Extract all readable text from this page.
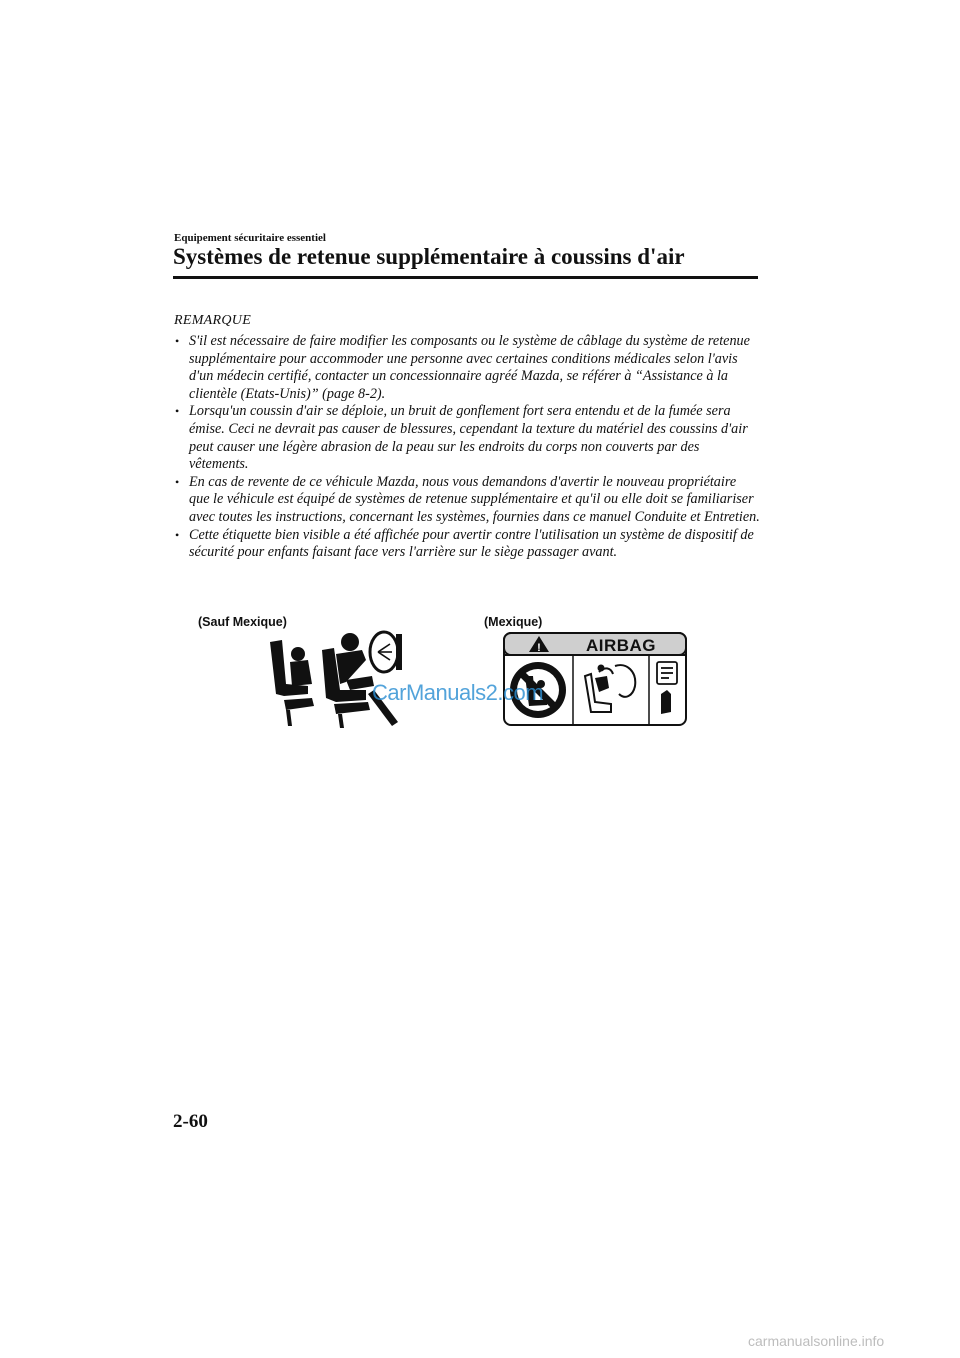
Equipement sécuritaire essentiel
Systèmes de retenue supplémentaire à coussins d'air
REMARQUE
• S'il est nécessaire de faire modifier les composants ou le système de câblage du système de retenue supplémentaire pour accommoder une personne avec certaines conditions médicales selon l'avis d'un médecin certifié, contacter un concessionnaire agréé Mazda, se référer à “Assistance à la clientèle (Etats-Unis)” (page 8-2).
• Lorsqu'un coussin d'air se déploie, un bruit de gonflement fort sera entendu et de la fumée sera émise. Ceci ne devrait pas causer de blessures, cependant la texture du matériel des coussins d'air peut causer une légère abrasion de la peau sur les endroits du corps non couverts par des vêtements.
• En cas de revente de ce véhicule Mazda, nous vous demandons d'avertir le nouveau propriétaire que le véhicule est équipé de systèmes de retenue supplémentaire et qu'il ou elle doit se familiariser avec toutes les instructions, concernant les systèmes, fournies dans ce manuel Conduite et Entretien.
• Cette étiquette bien visible a été affichée pour avertir contre l'utilisation un système de dispositif de sécurité pour enfants faisant face vers l'arrière sur le siège passager avant.
(Sauf Mexique)	(Mexique)
!	AIRBAG
CarManuals2.com
2-60
carmanualsonline.info
